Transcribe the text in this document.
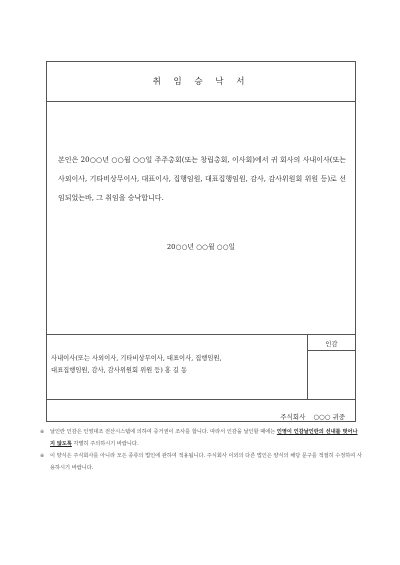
취 임 승 낙 서

본인은 20○○년 ○○월 ○○일 주주총회(또는 창립총회, 이사회)에서 귀 회사의 사내이사(또는 사외이사, 기타비상무이사, 대표이사, 집행임원, 대표집행임원, 감사, 감사위원회 위원 등)로 선임되었는바, 그 취임을 승낙합니다.

20○○년 ○○월 ○○일
사내이사(또는 사외이사, 기타비상무이사, 대표이사, 집행임원,
대표집행임원, 감사, 감사위원회 위원 등) 홍 길 동
인감
주식회사 ○○○ 귀중
※ 날인란 인감은 인영대조 전산시스템에 의하여 증거권이 조사를 합니다. 따라서 인감을 날인할 때에는 인영이 인감날인란의 선내를 벗어나지 않도록 각별히 주의하시기 바랍니다.
※ 이 양식은 주식회사를 아니라 모든 종류의 법인에 관하여 적용됩니다. 주식회사 이외의 다른 법인은 양식의 해당 문구를 적절히 수정하여 사용하시기 바랍니다.
